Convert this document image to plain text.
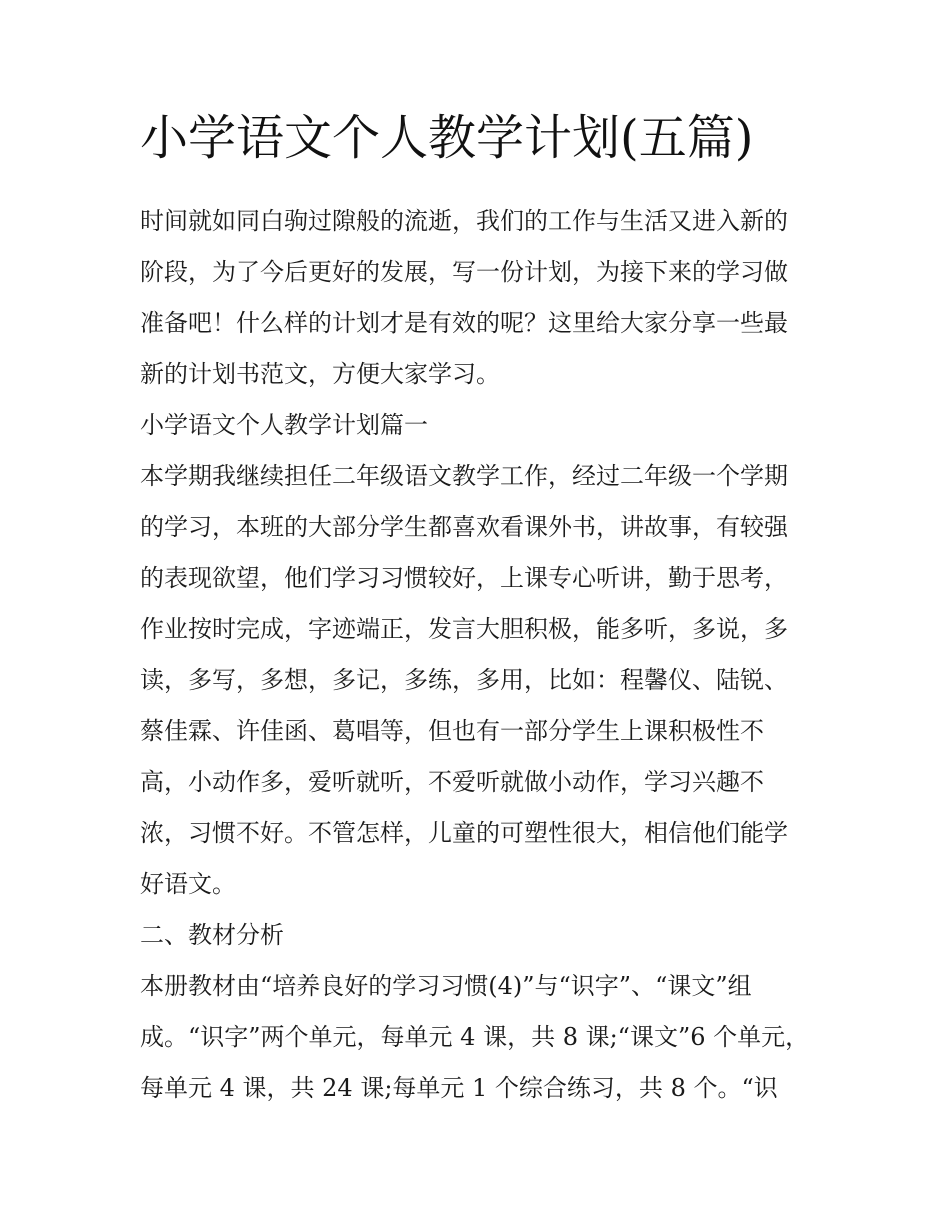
小学语文个人教学计划(五篇)
时间就如同白驹过隙般的流逝，我们的工作与生活又进入新的
阶段，为了今后更好的发展，写一份计划，为接下来的学习做
准备吧！什么样的计划才是有效的呢？这里给大家分享一些最
新的计划书范文，方便大家学习。
小学语文个人教学计划篇一
本学期我继续担任二年级语文教学工作，经过二年级一个学期
的学习，本班的大部分学生都喜欢看课外书，讲故事，有较强
的表现欲望，他们学习习惯较好，上课专心听讲，勤于思考，
作业按时完成，字迹端正，发言大胆积极，能多听，多说，多
读，多写，多想，多记，多练，多用，比如：程馨仪、陆锐、
蔡佳霖、许佳函、葛唱等，但也有一部分学生上课积极性不
高，小动作多，爱听就听，不爱听就做小动作，学习兴趣不
浓，习惯不好。不管怎样，儿童的可塑性很大，相信他们能学
好语文。
二、教材分析
本册教材由“培养良好的学习习惯(4)”与“识字”、“课文”组
成。“识字”两个单元，每单元 4 课，共 8 课;“课文”6 个单元，
每单元 4 课，共 24 课;每单元 1 个综合练习，共 8 个。“识
